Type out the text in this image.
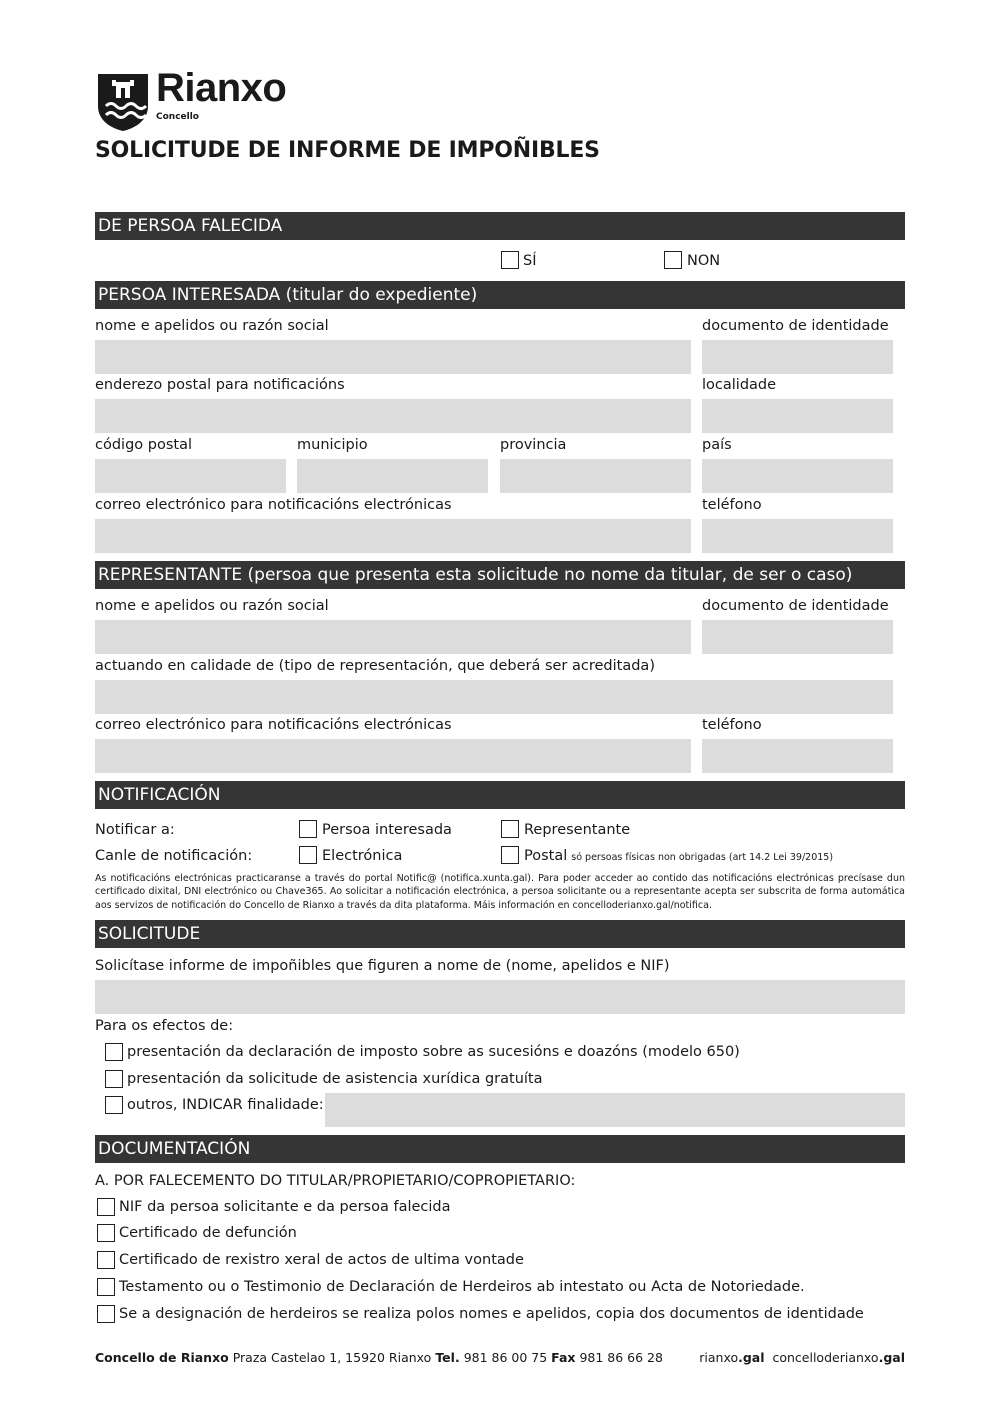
Rianxo
Concello
SOLICITUDE DE INFORME DE IMPOÑIBLES
DE PERSOA FALECIDA
SÍ	NON
PERSOA INTERESADA (titular do expediente)
nome e apelidos ou razón social	documento de identidade
enderezo postal para notificacións	localidade
código postal	municipio	provincia	país
correo electrónico para notificacións electrónicas	teléfono
REPRESENTANTE (persoa que presenta esta solicitude no nome da titular, de ser o caso)
nome e apelidos ou razón social	documento de identidade
actuando en calidade de (tipo de representación, que deberá ser acreditada)
correo electrónico para notificacións electrónicas	teléfono
NOTIFICACIÓN
Notificar a:	Persoa interesada	Representante
Canle de notificación:	Electrónica	Postal só persoas físicas non obrigadas (art 14.2 Lei 39/2015)
As notificacións electrónicas practicaranse a través do portal Notific@ (notifica.xunta.gal). Para poder acceder ao contido das notificacións electrónicas precísase dun certificado dixital, DNI electrónico ou Chave365. Ao solicitar a notificación electrónica, a persoa solicitante ou a representante acepta ser subscrita de forma automática aos servizos de notificación do Concello de Rianxo a través da dita plataforma. Máis información en concelloderianxo.gal/notifica.
SOLICITUDE
Solicítase informe de impoñibles que figuren a nome de (nome, apelidos e NIF)
Para os efectos de:
presentación da declaración de imposto sobre as sucesións e doazóns (modelo 650)
presentación da solicitude de asistencia xurídica gratuíta
outros, INDICAR finalidade:
DOCUMENTACIÓN
A. POR FALECEMENTO DO TITULAR/PROPIETARIO/COPROPIETARIO:
NIF da persoa solicitante e da persoa falecida
Certificado de defunción
Certificado de rexistro xeral de actos de ultima vontade
Testamento ou o Testimonio de Declaración de Herdeiros ab intestato ou Acta de Notoriedade.
Se a designación de herdeiros se realiza polos nomes e apelidos, copia dos documentos de identidade
Concello de Rianxo Praza Castelao 1, 15920 Rianxo Tel. 981 86 00 75 Fax 981 86 66 28	rianxo.gal concelloderianxo.gal
